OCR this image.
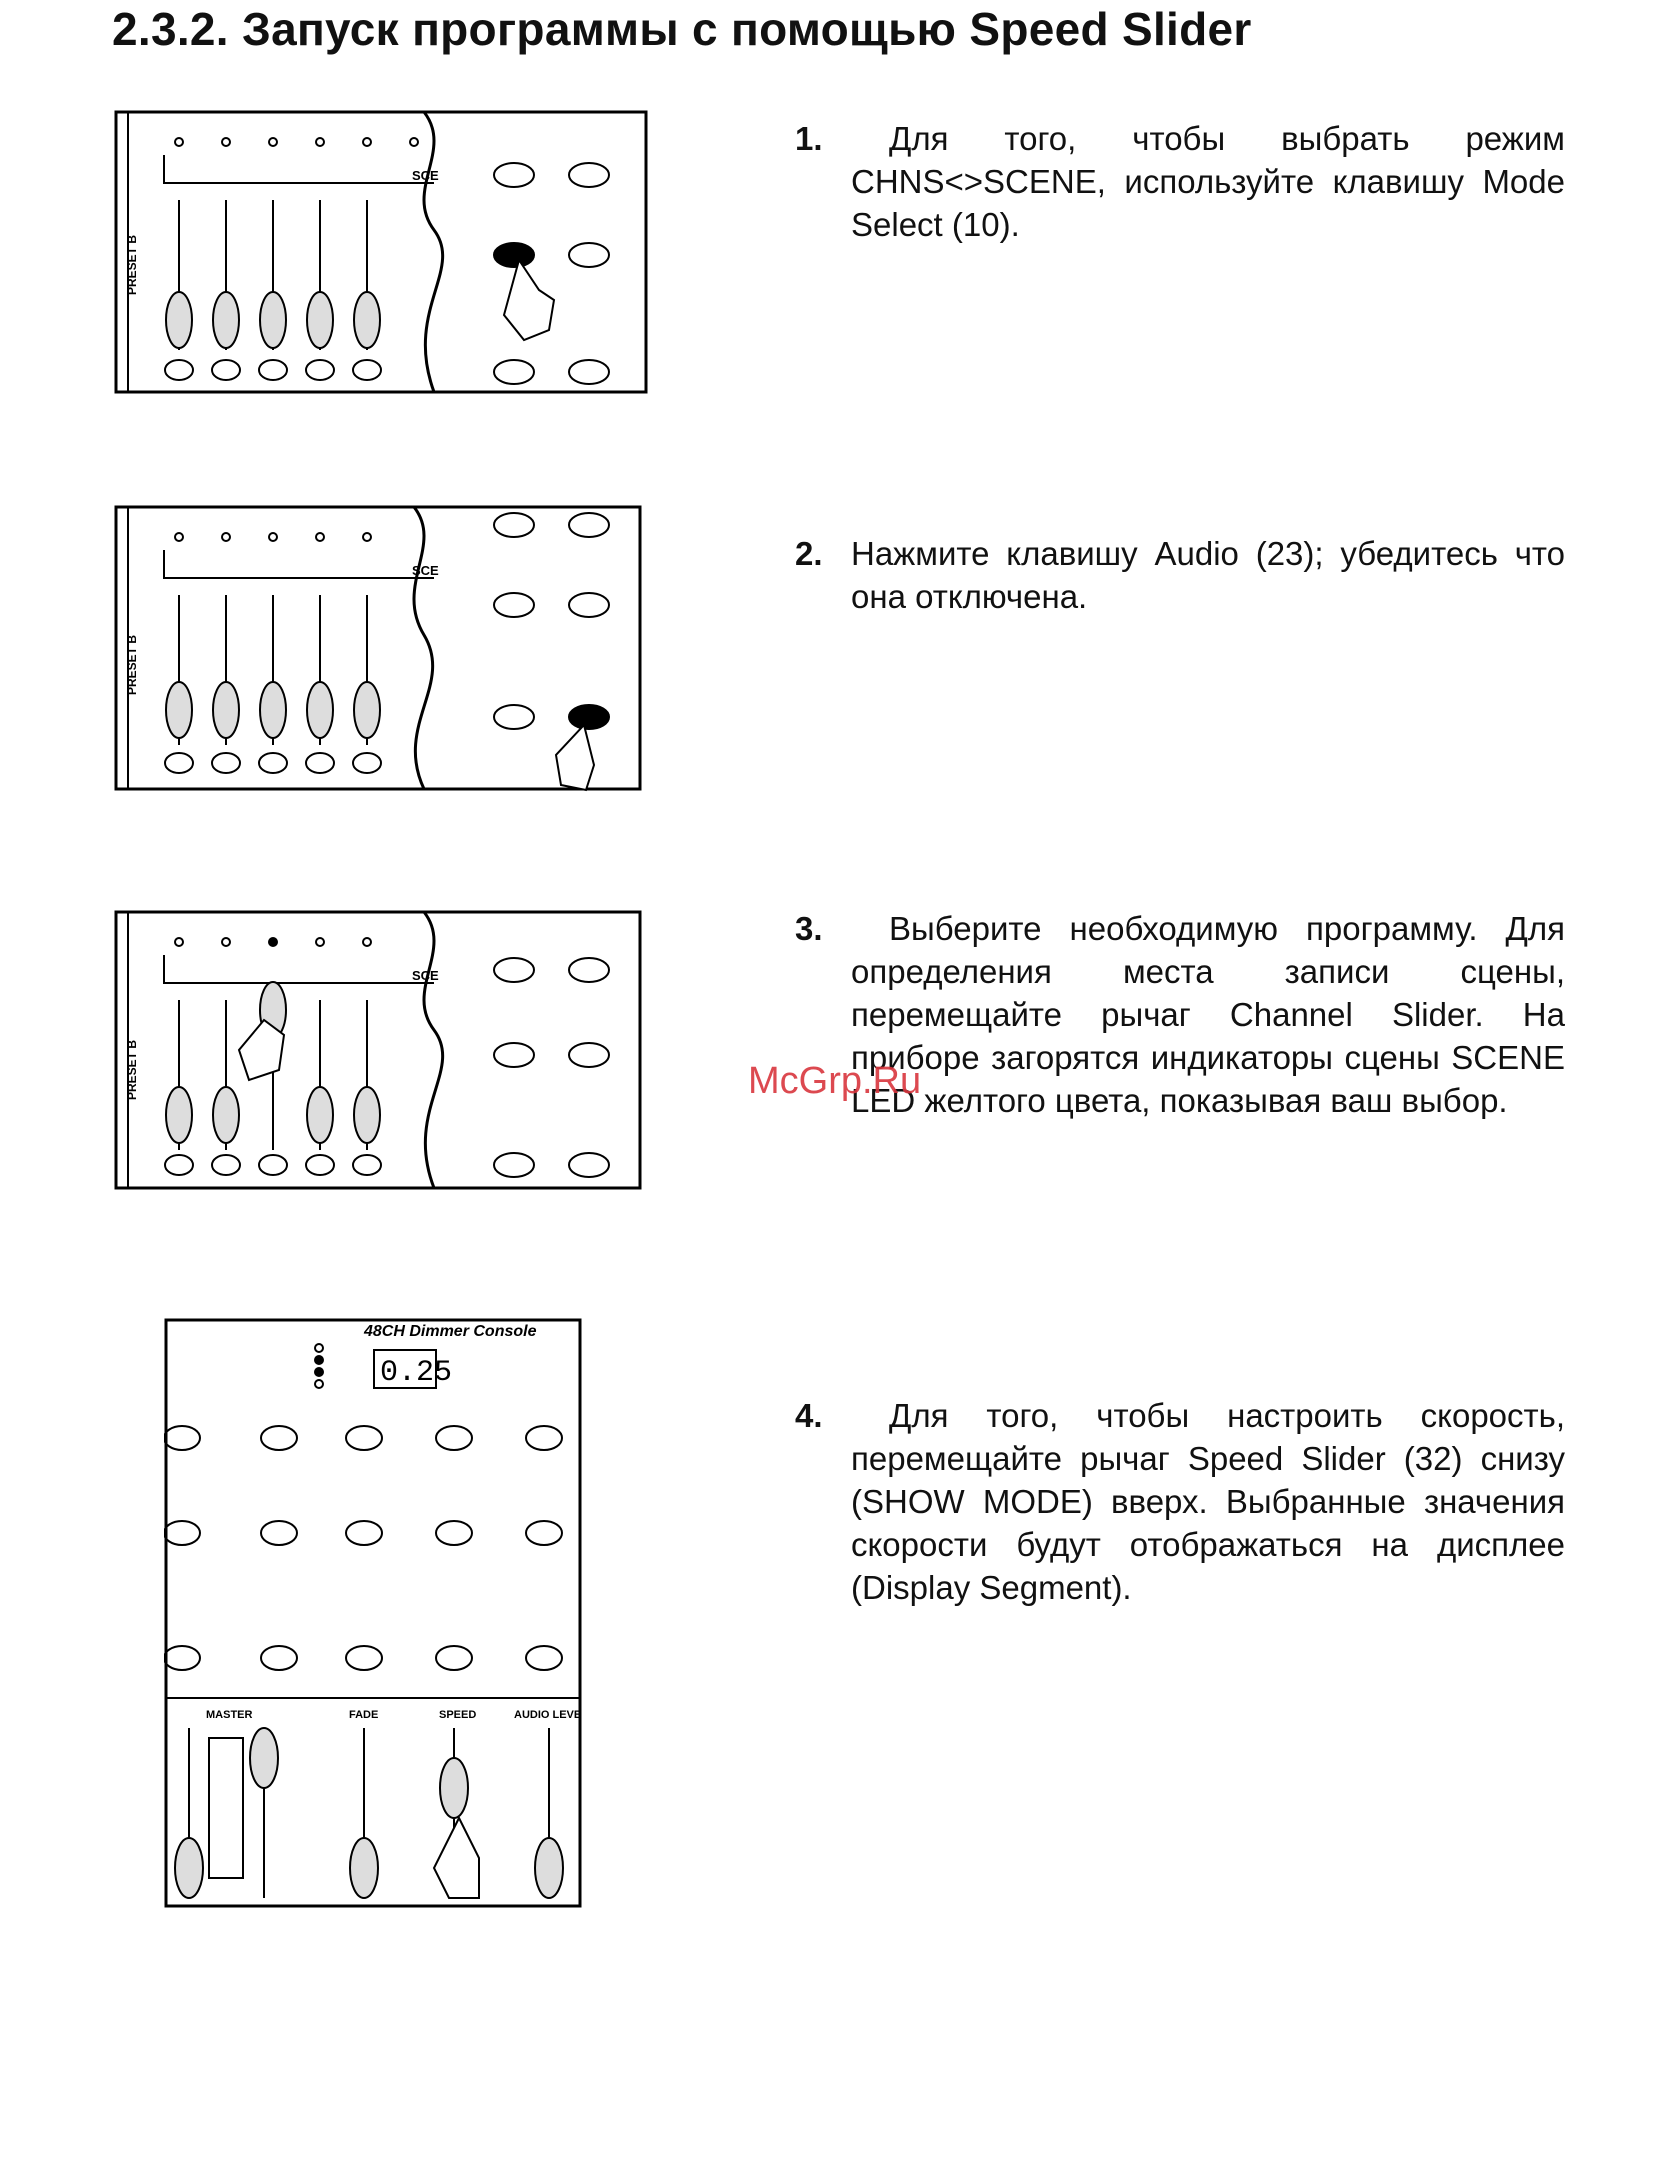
2.3.2. Запуск программы с помощью Speed Slider
PRESET B
SCE
1.	Для того, чтобы выбрать режим CHNS<>SCENE, используйте клавишу Mode Select (10).
PRESET B
SCE	2. Нажмите клавишу Audio (23); убедитесь что она отключена.
PRESET B
SCE
3.	Выберите необходимую программу. Для определения места записи сцены, перемещайте рычаг Channel Slider. На приборе загорятся индикаторы сцены SCENE LED желтого цвета, показывая ваш выбор.
48CH Dimmer Console
0.25
MASTER	FADE	SPEED	AUDIO LEVE
4.	Для того, чтобы настроить скорость, перемещайте рычаг Speed Slider (32) снизу (SHOW MODE) вверх. Выбранные значения скорости будут отображаться на дисплее (Display Segment).
McGrp.Ru
